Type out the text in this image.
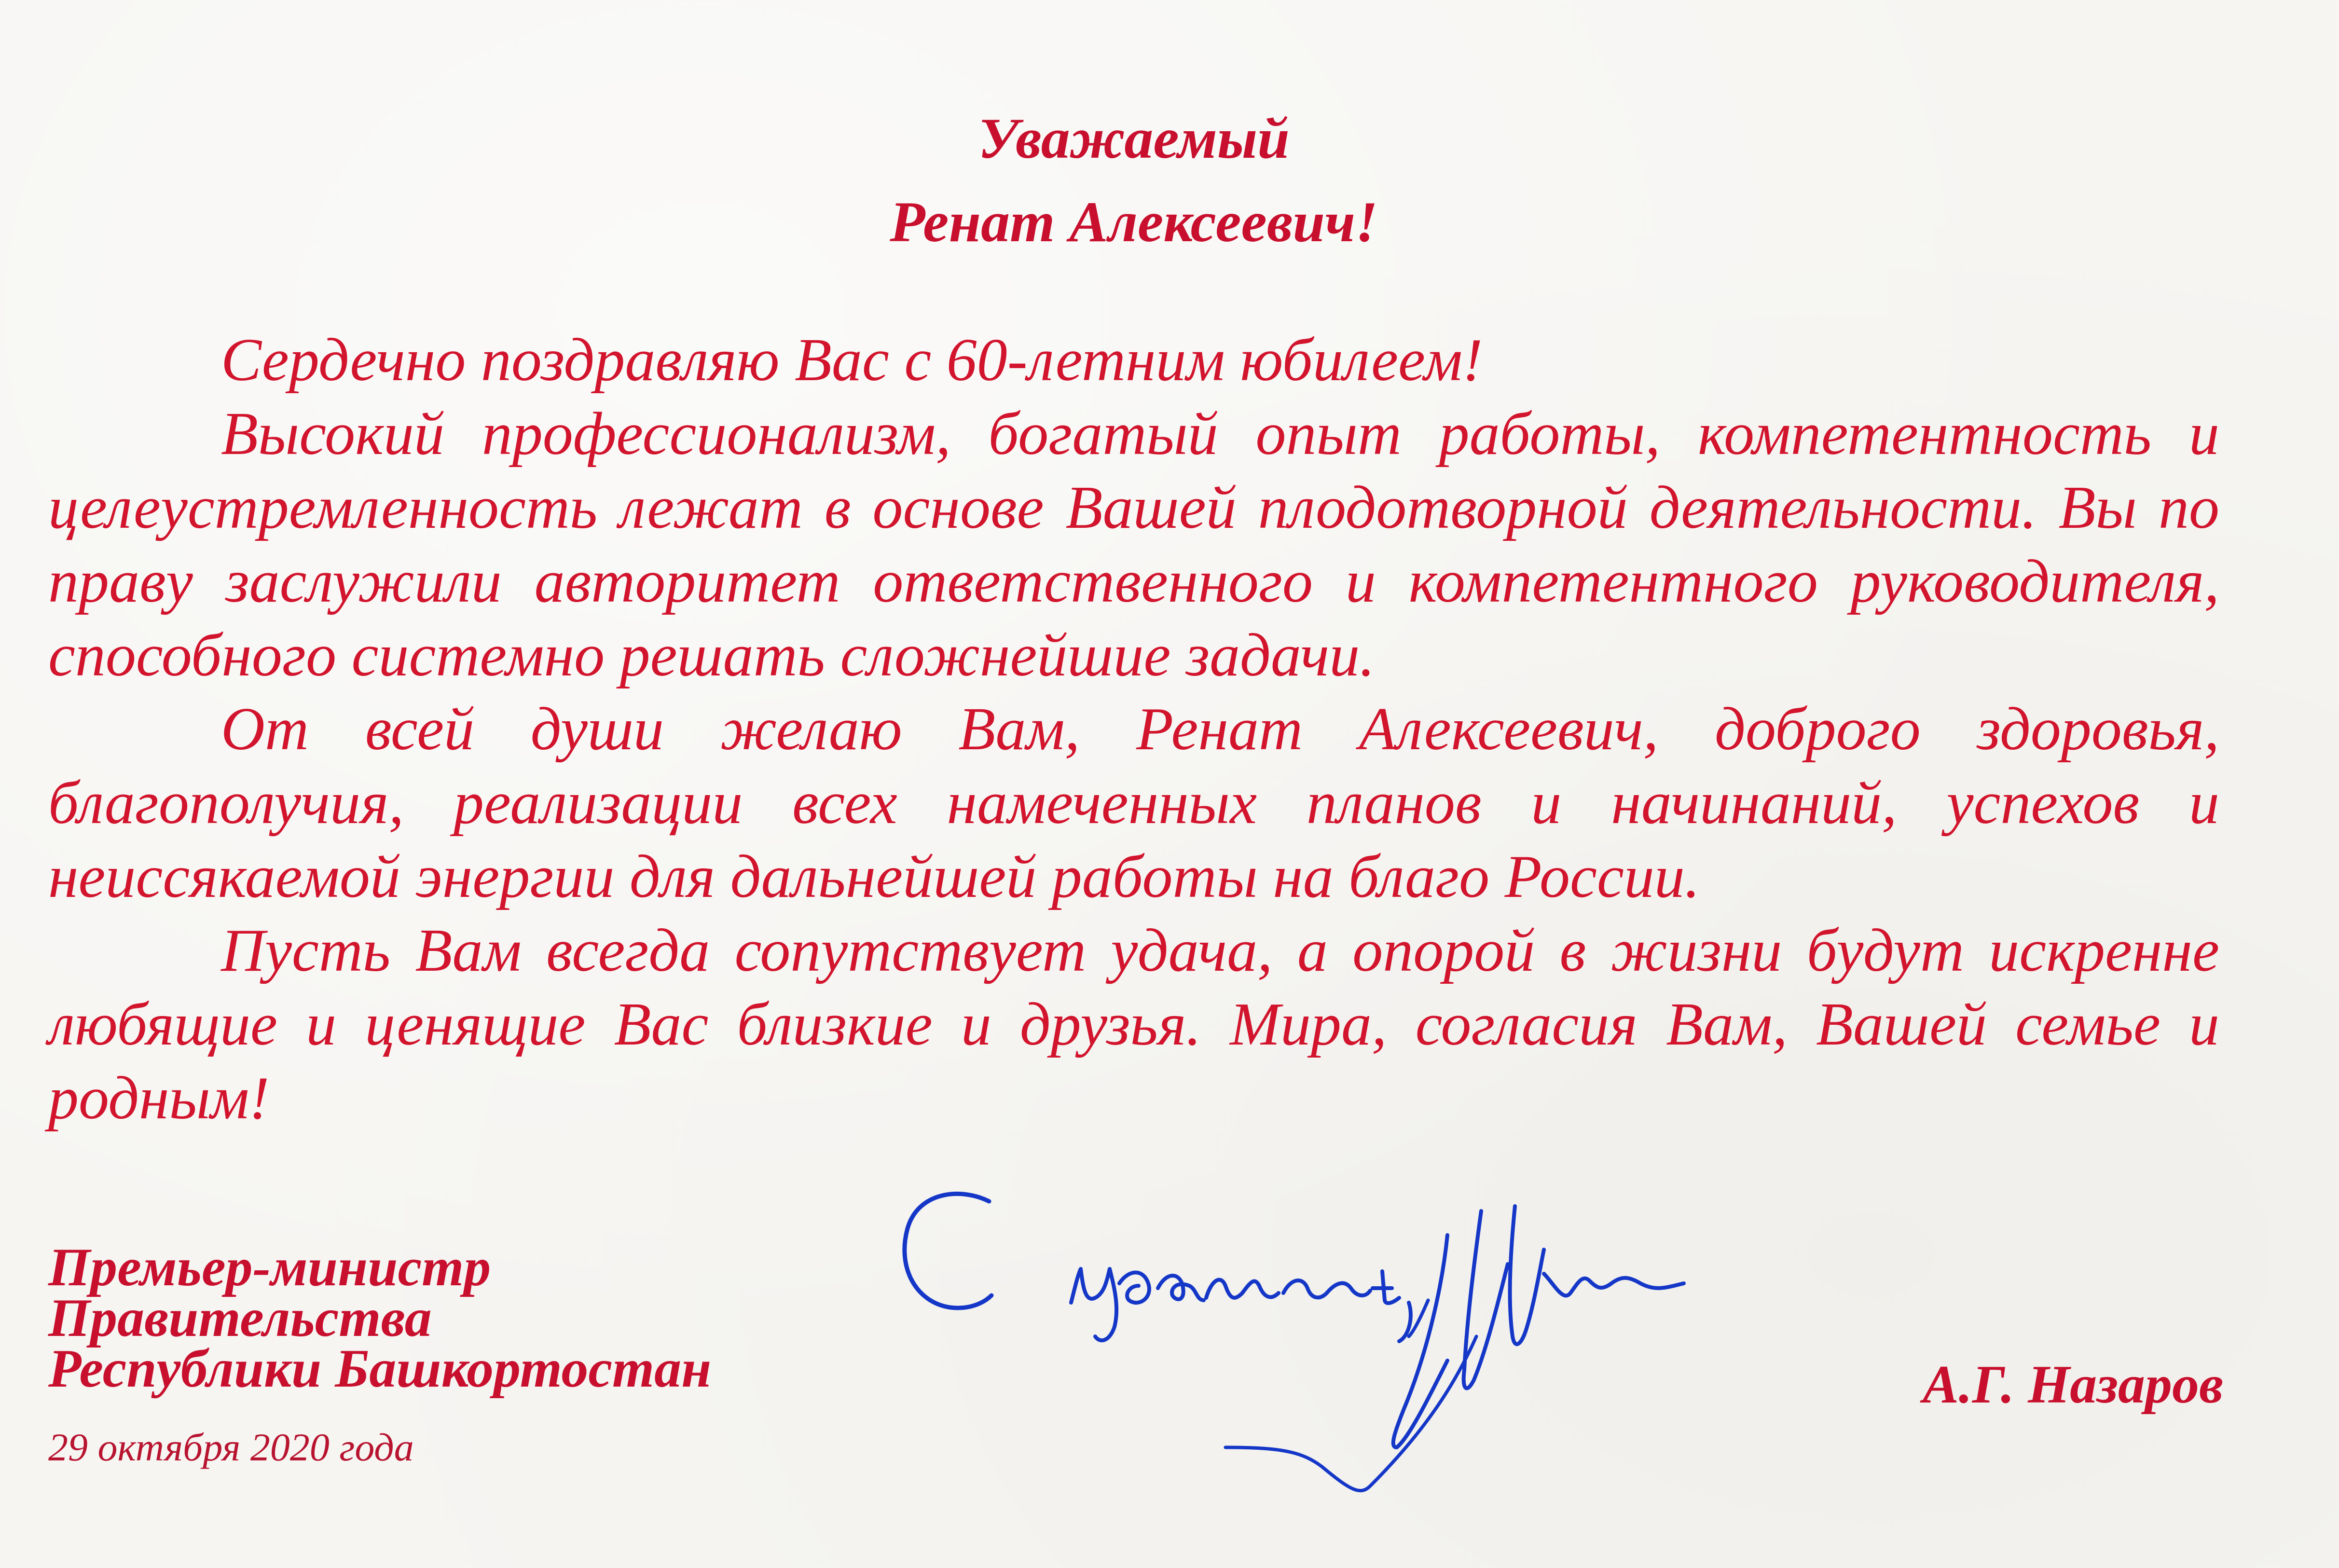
Уважаемый
Ренат Алексеевич!

Сердечно поздравляю Вас с 60-летним юбилеем!

Высокий профессионализм, богатый опыт работы, компетентность и целеустремленность лежат в основе Вашей плодотворной деятельности. Вы по праву заслужили авторитет ответственного и компетентного руководителя, способного системно решать сложнейшие задачи.

От всей души желаю Вам, Ренат Алексеевич, доброго здоровья, благополучия, реализации всех намеченных планов и начинаний, успехов и неиссякаемой энергии для дальнейшей работы на благо России.

Пусть Вам всегда сопутствует удача, а опорой в жизни будут искренне любящие и ценящие Вас близкие и друзья. Мира, согласия Вам, Вашей семье и родным!

Премьер-министр
Правительства
Республики Башкортостан
29 октября 2020 года
А.Г. Назаров
